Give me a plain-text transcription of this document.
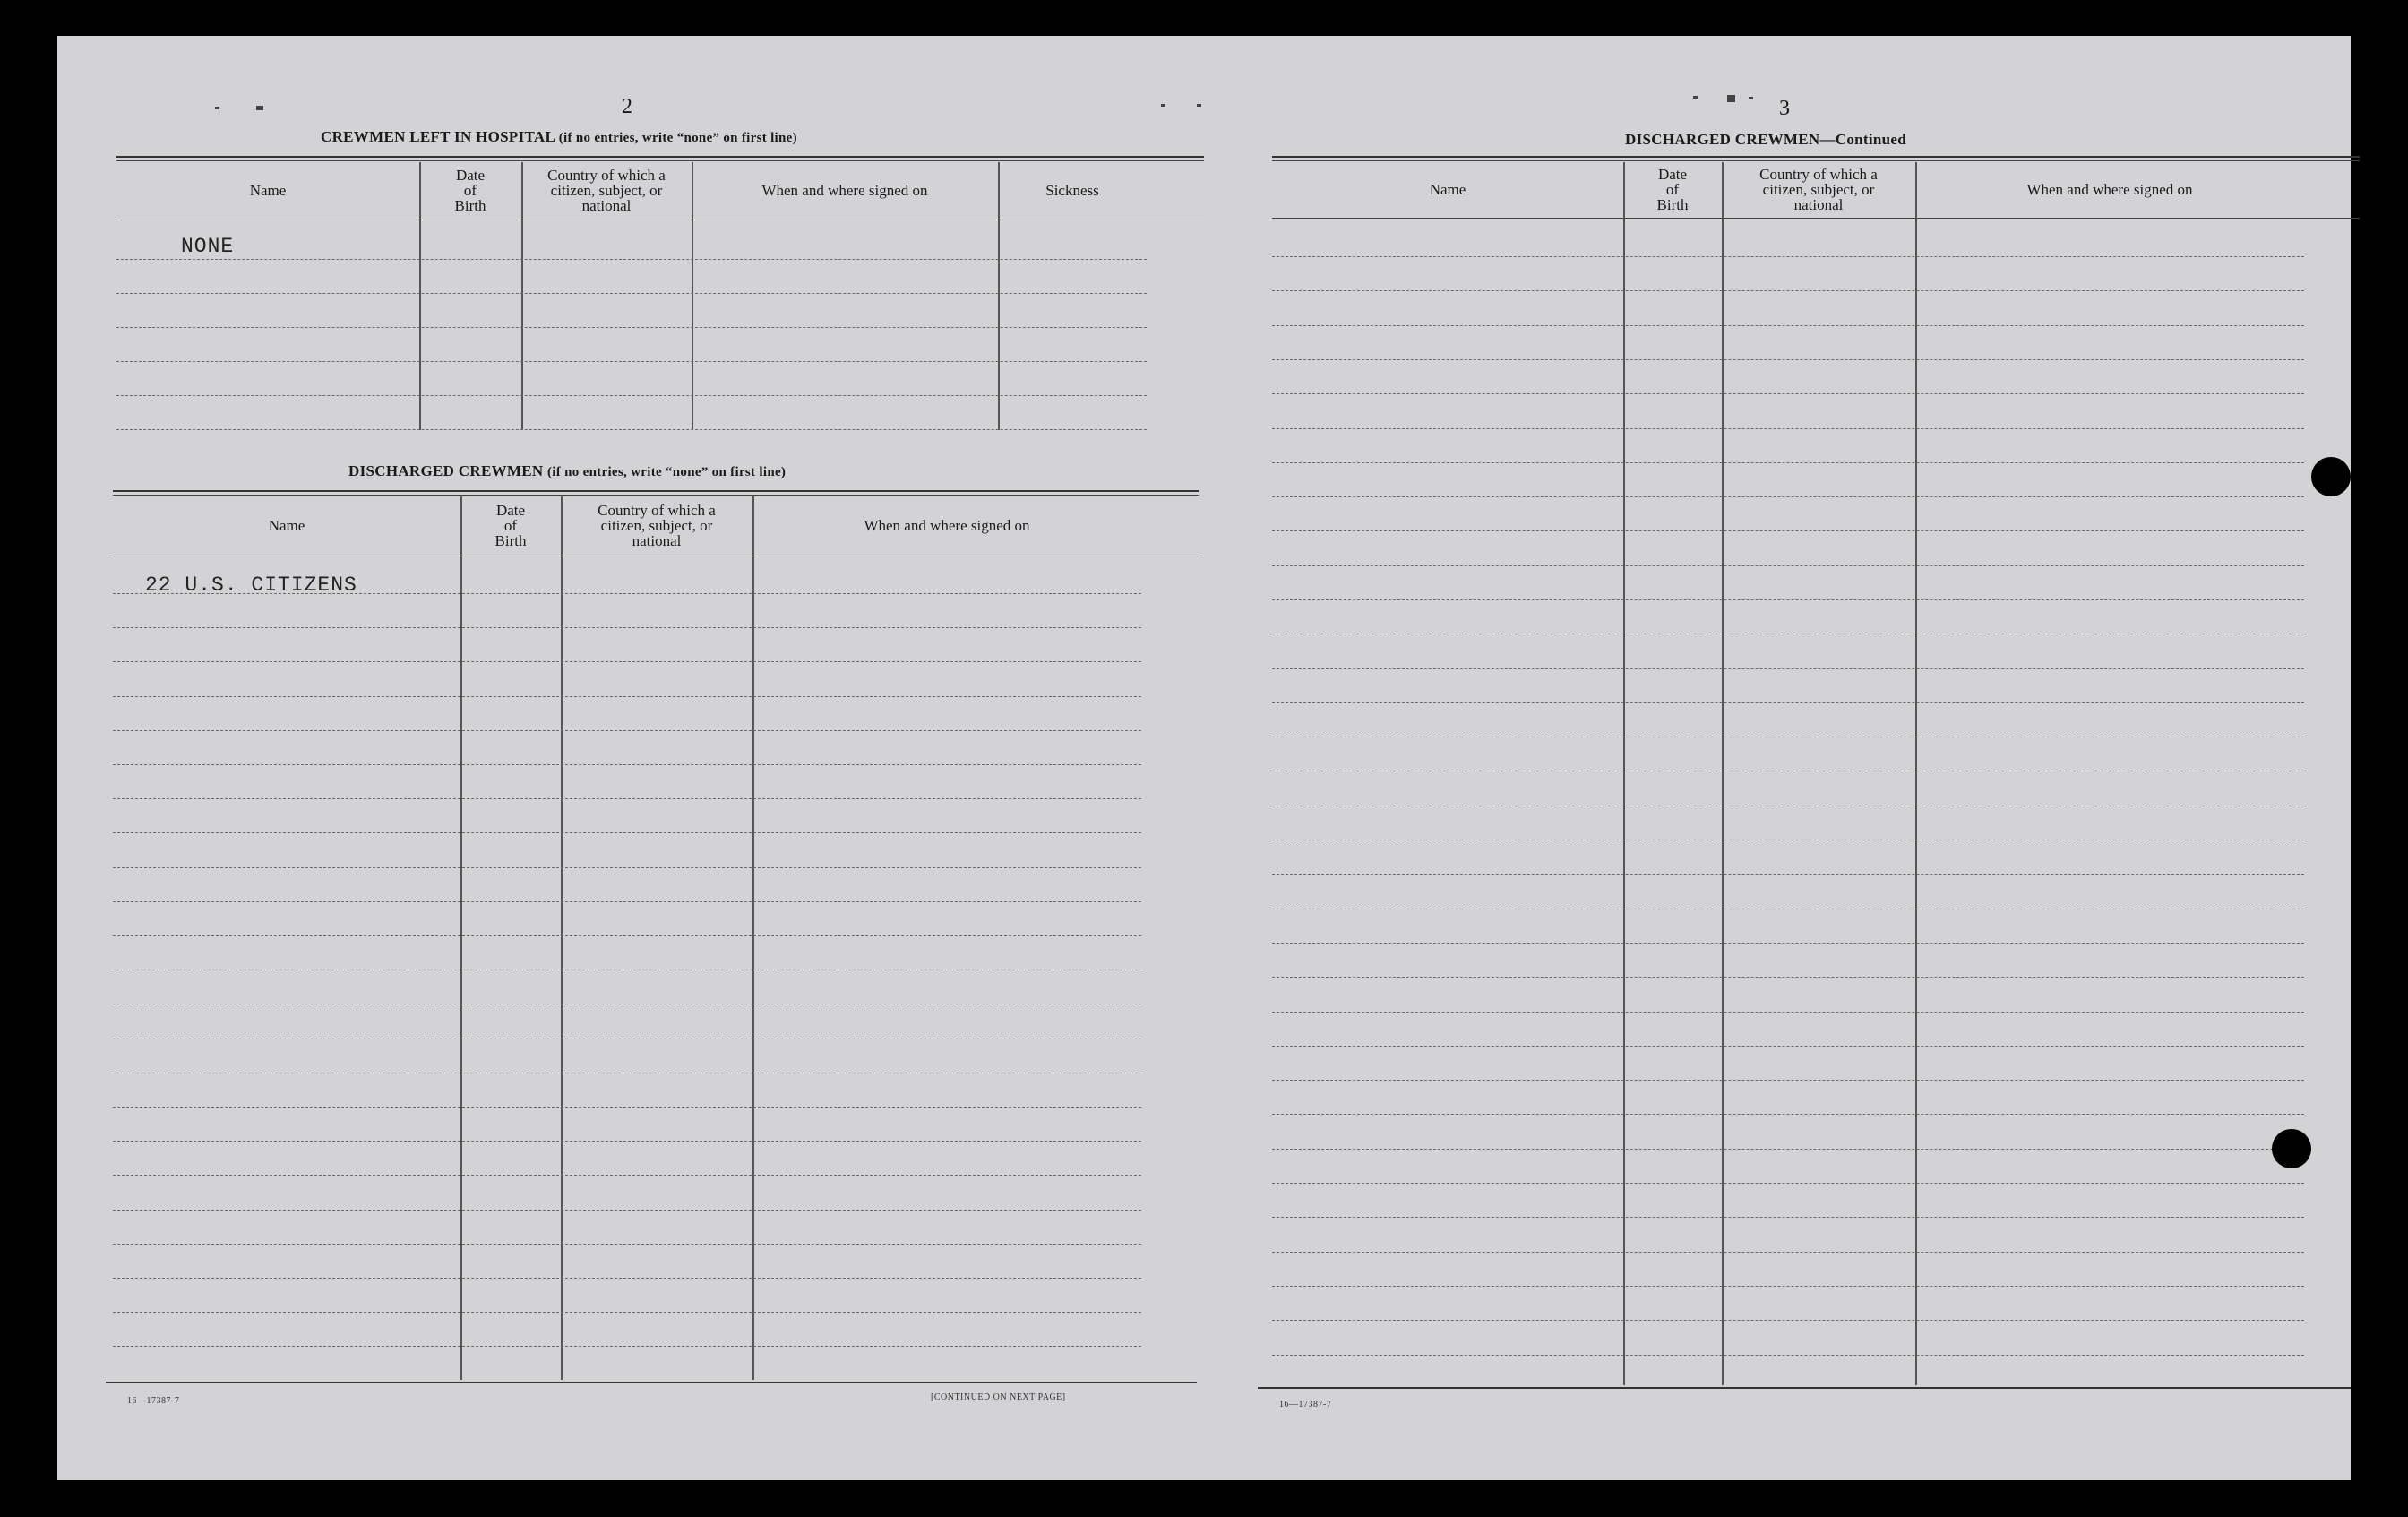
2
CREWMEN LEFT IN HOSPITAL (if no entries, write “none” on first line)
Name
Date
of
Birth
Country of which a
citizen, subject, or
national
When and where signed on	Sickness
NONE
DISCHARGED CREWMEN (if no entries, write “none” on first line)
Name
Date
of
Birth
Country of which a
citizen, subject, or
national
When and where signed on
22 U.S. CITIZENS
16—17387-7	[CONTINUED ON NEXT PAGE]
3
DISCHARGED CREWMEN—Continued
Name
Date
of
Birth
Country of which a
citizen, subject, or
national
When and where signed on
16—17387-7
